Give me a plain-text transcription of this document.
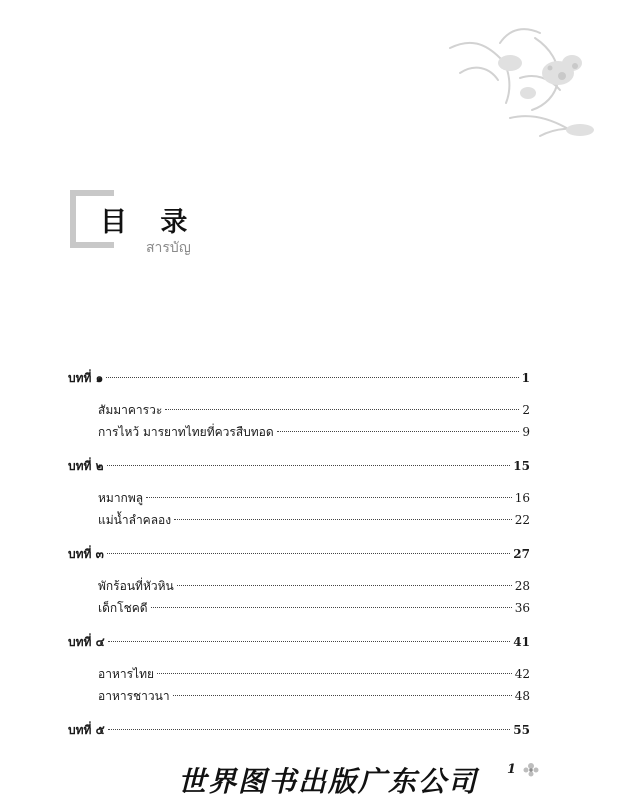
目 录
สารบัญ
บทที่ ๑	1
สัมมาคารวะ	2
การไหว้ มารยาทไทยที่ควรสืบทอด	9
บทที่ ๒	15
หมากพลู	16
แม่น้ำลำคลอง	22
บทที่ ๓	27
พักร้อนที่หัวหิน	28
เด็กโชคดี	36
บทที่ ๔	41
อาหารไทย	42
อาหารชาวนา	48
บทที่ ๕	55
世界图书出版广东公司 1
